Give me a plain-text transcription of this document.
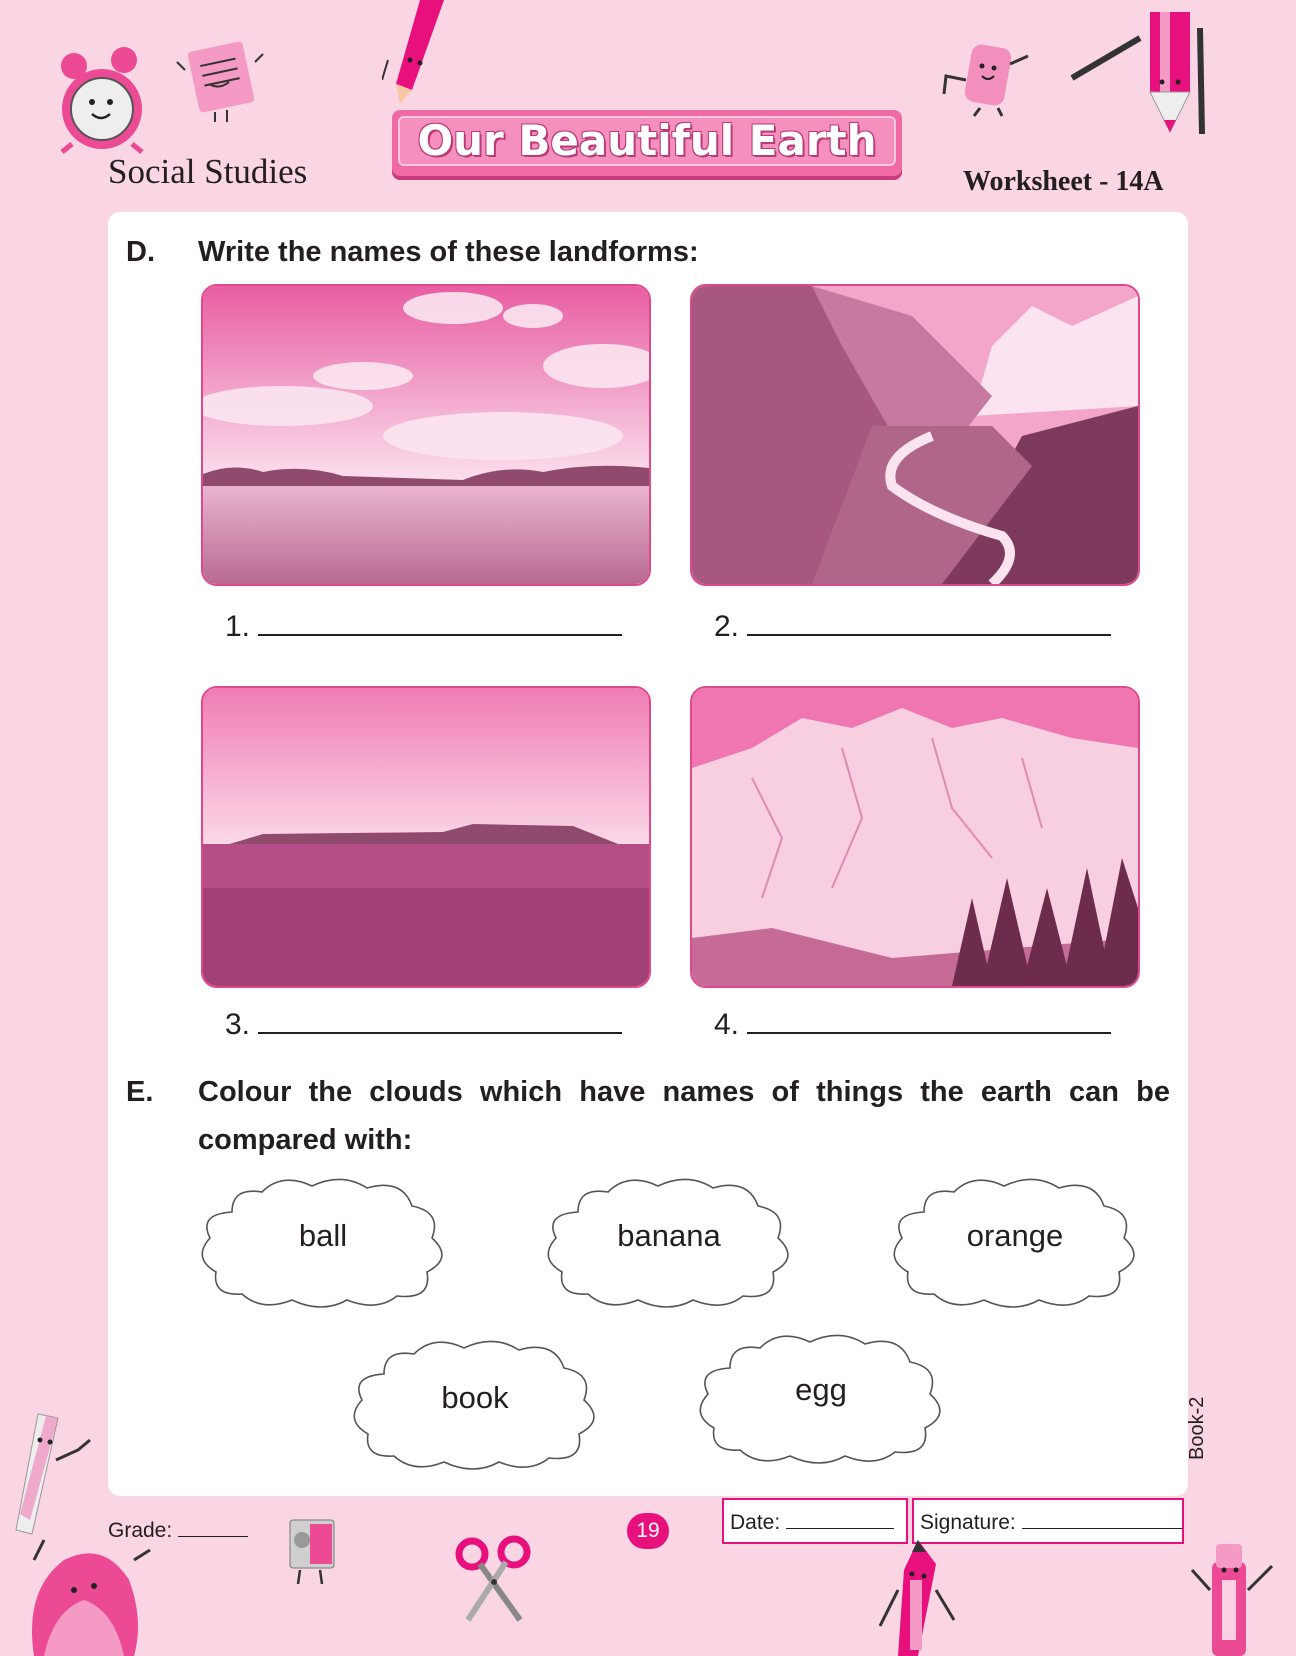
Social Studies
Our Beautiful Earth
Worksheet - 14A
D. Write the names of these landforms:
1.	2.
3.	4.
E. Colour the clouds which have names of things the earth can be
compared with:
ball	banana	orange
book	egg
Book-2
Grade:	19	Date:	Signature:
